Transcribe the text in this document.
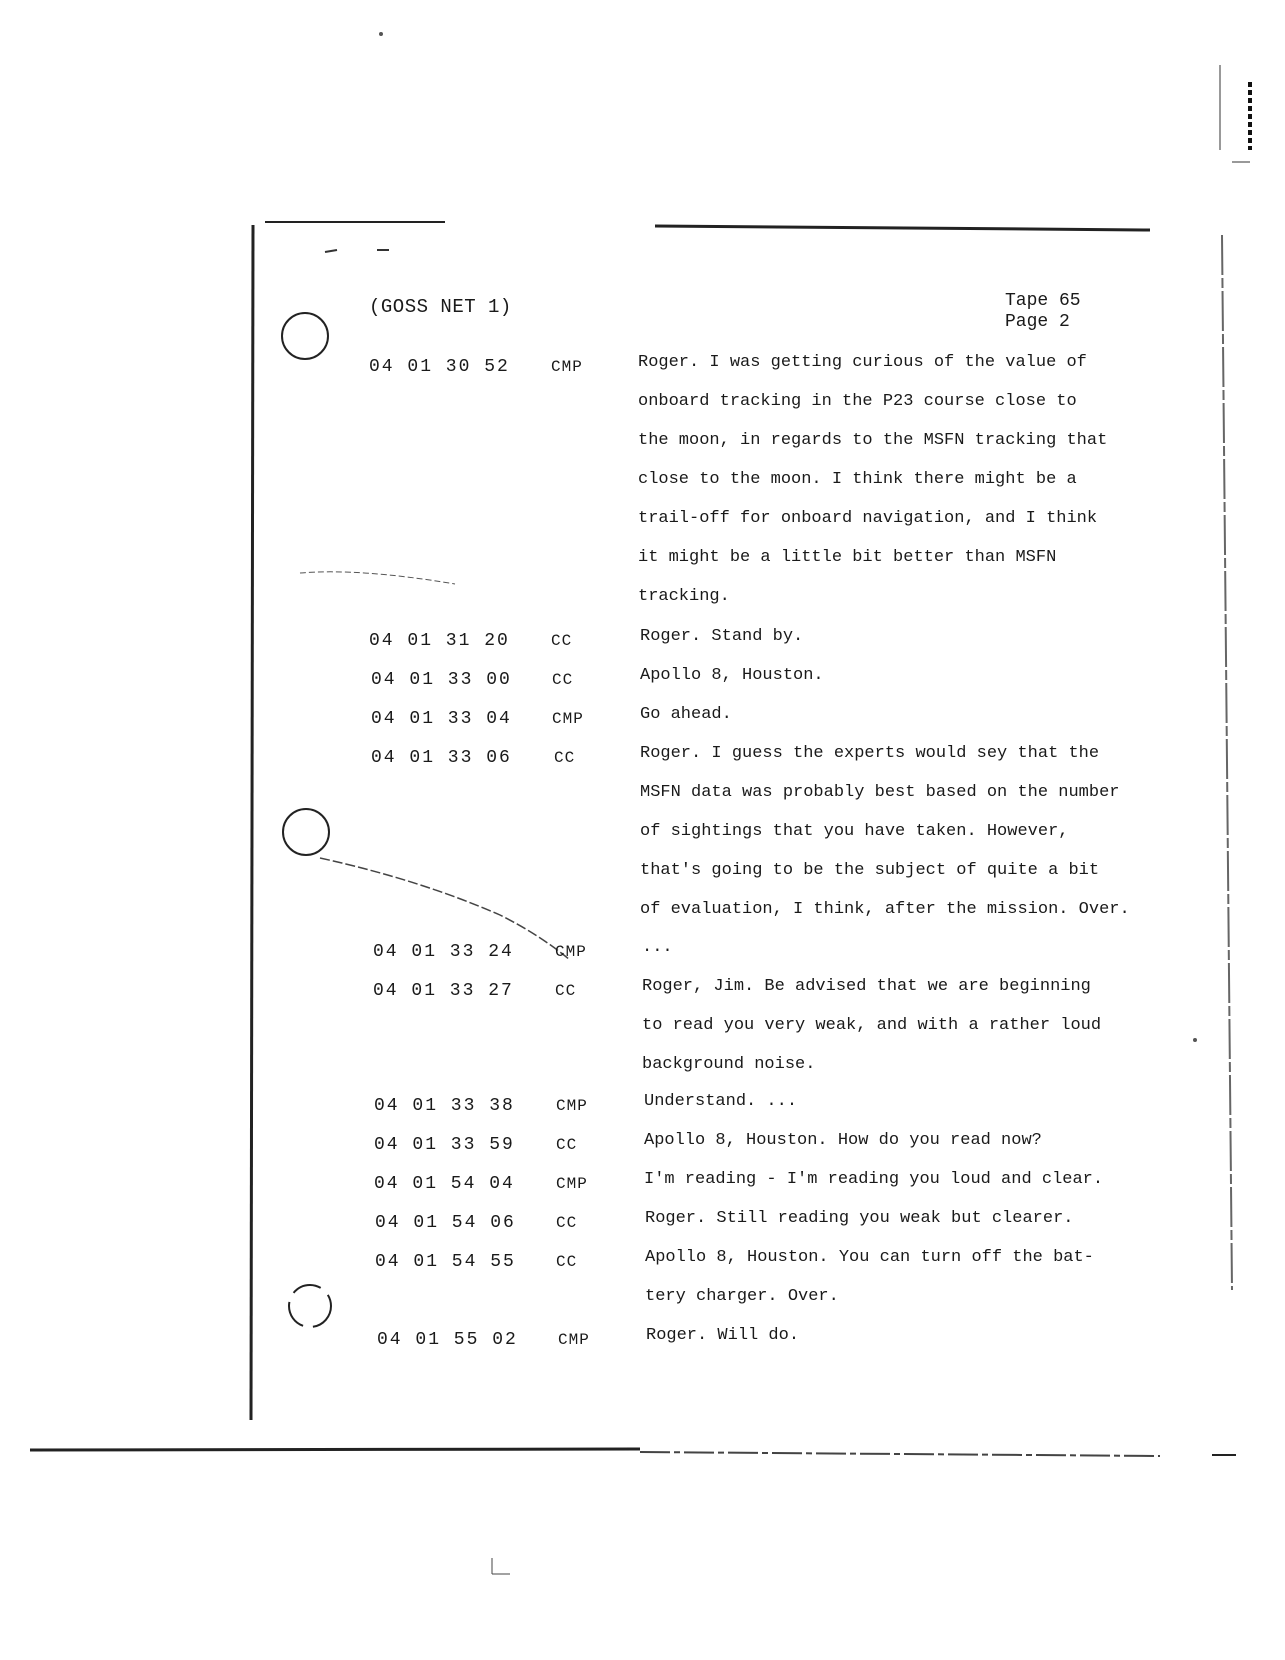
(GOSS NET 1)	Tape 65
Page 2
04 01 30 52	CMP	Roger. I was getting curious of the value of
onboard tracking in the P23 course close to
the moon, in regards to the MSFN tracking that
close to the moon. I think there might be a
trail-off for onboard navigation, and I think
it might be a little bit better than MSFN
tracking.
04 01 31 20	CC	Roger. Stand by.
04 01 33 00	CC	Apollo 8, Houston.
04 01 33 04	CMP	Go ahead.
04 01 33 06	CC	Roger. I guess the experts would sey that the
MSFN data was probably best based on the number
of sightings that you have taken. However,
that's going to be the subject of quite a bit
of evaluation, I think, after the mission. Over.
04 01 33 24	CMP	...
04 01 33 27	CC	Roger, Jim. Be advised that we are beginning
to read you very weak, and with a rather loud
background noise.
04 01 33 38	CMP	Understand. ...
04 01 33 59	CC	Apollo 8, Houston. How do you read now?
04 01 54 04	CMP	I'm reading - I'm reading you loud and clear.
04 01 54 06	CC	Roger. Still reading you weak but clearer.
04 01 54 55	CC	Apollo 8, Houston. You can turn off the bat-
tery charger. Over.
04 01 55 02	CMP	Roger. Will do.
